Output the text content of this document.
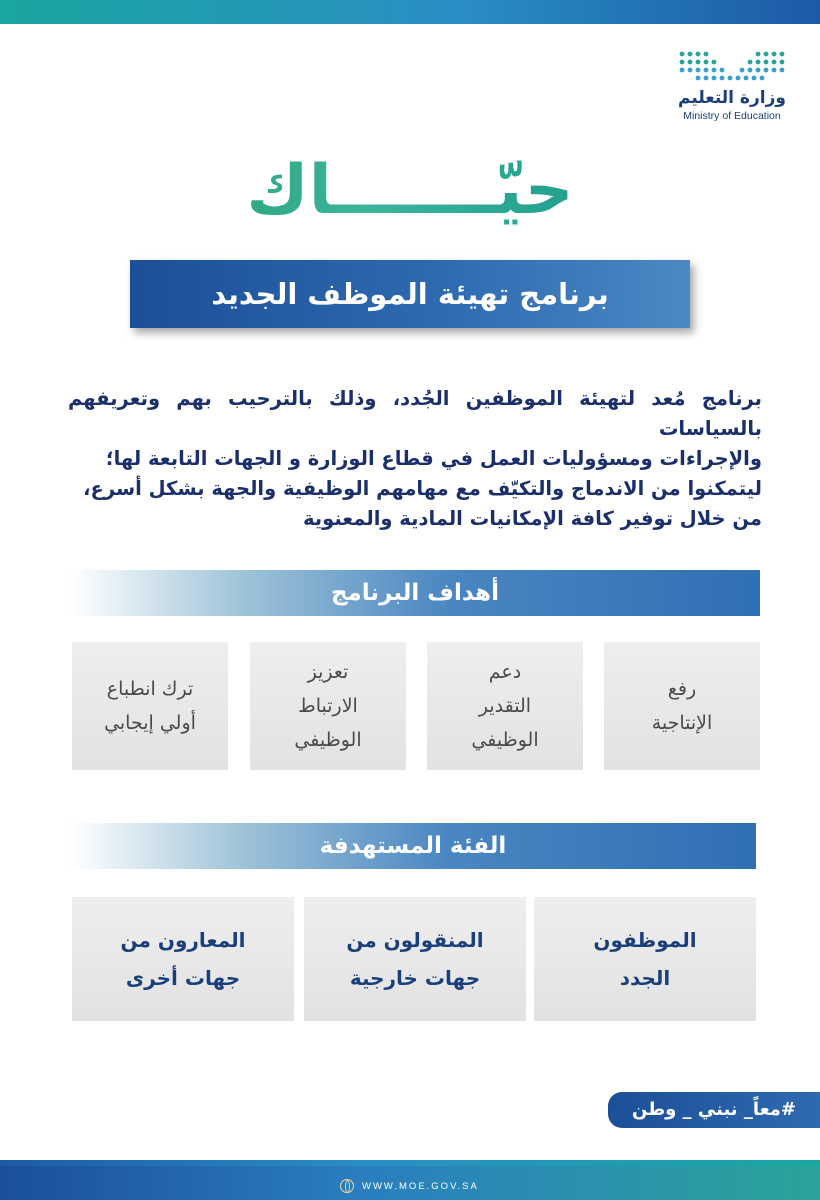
وزارة التعليم
Ministry of Education
حيّـــــــاك
برنامج تهيئة الموظف الجديد

برنامج مُعد لتهيئة الموظفين الجُدد، وذلك بالترحيب بهم وتعريفهم بالسياسات

والإجراءات ومسؤوليات العمل في قطاع الوزارة و الجهات التابعة لها؛

ليتمكنوا من الاندماج والتكيّف مع مهامهم الوظيفية والجهة بشكل أسرع،

من خلال توفير كافة الإمكانيات المادية والمعنوية

أهداف البرنامج
رفع
الإنتاجية
دعم
التقدير
الوظيفي
تعزيز
الارتباط
الوظيفي
ترك انطباع
أولي إيجابي
الفئة المستهدفة
الموظفون
الجدد
المنقولون من
جهات خارجية
المعارون من
جهات أخرى
#معاً_ نبني _ وطن
WWW.MOE.GOV.SA
